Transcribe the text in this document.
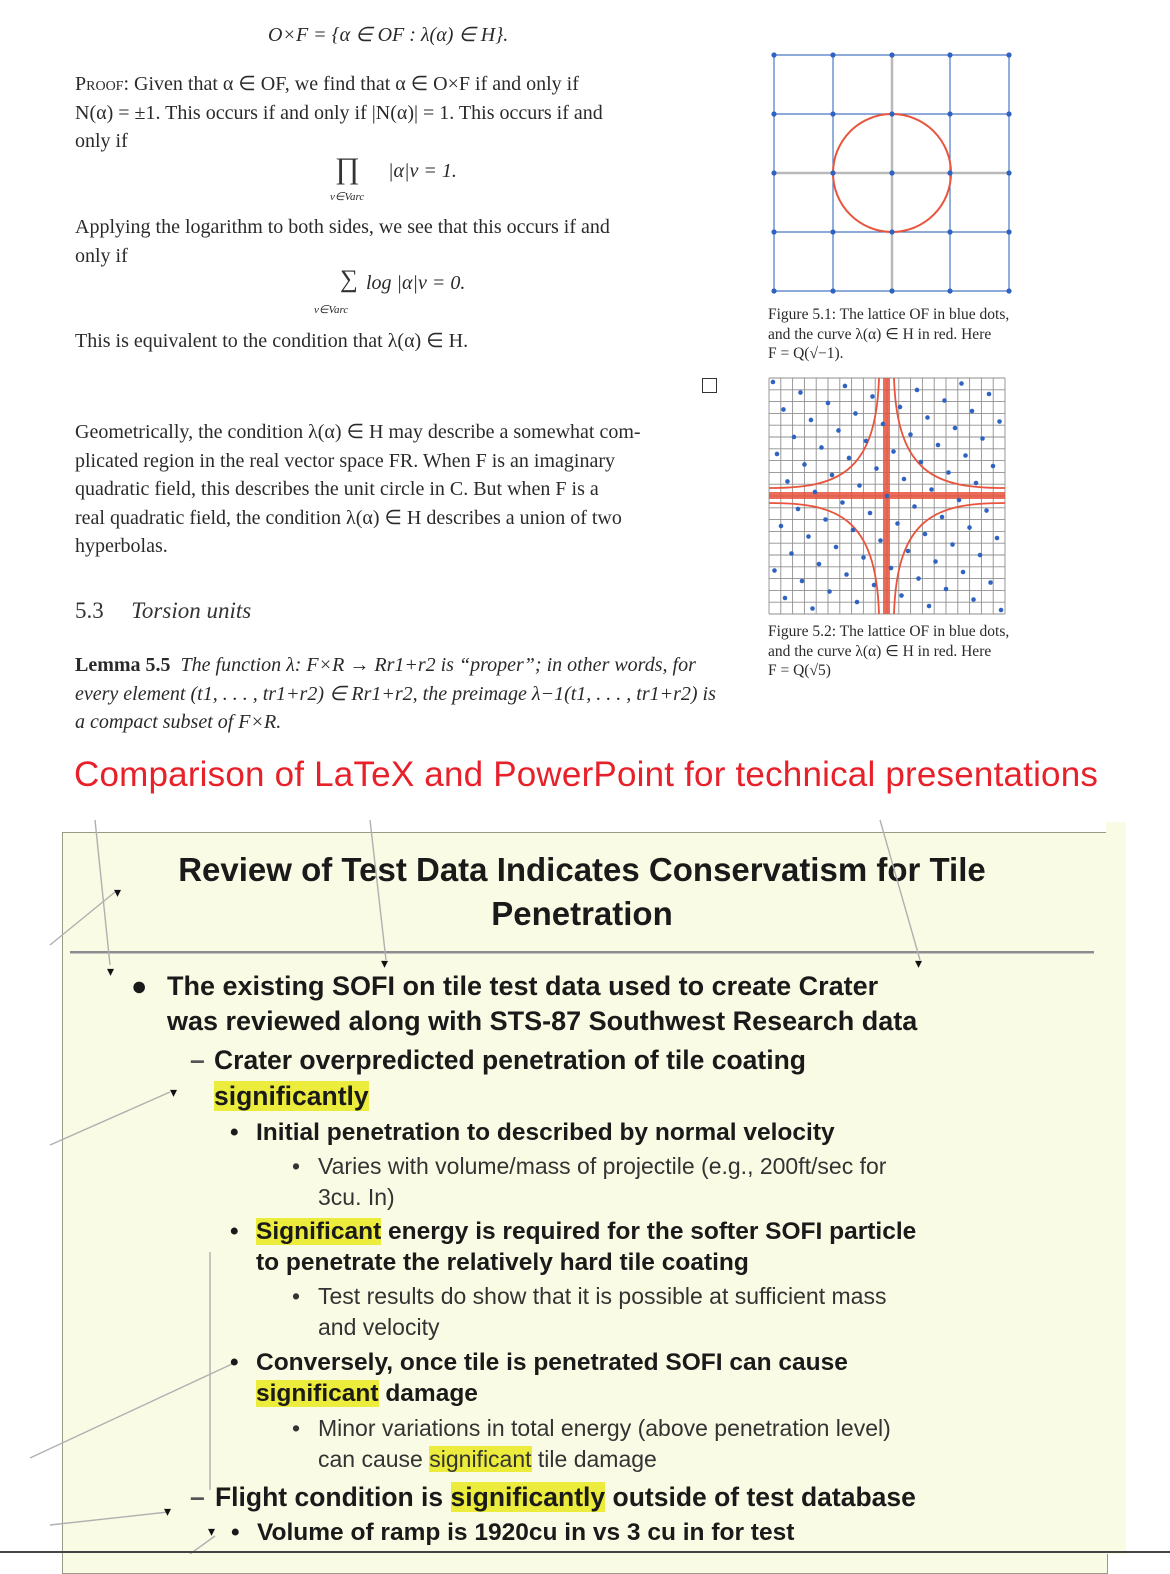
O×F = {α ∈ OF : λ(α) ∈ H}.
Proof: Given that α ∈ OF, we find that α ∈ O×F if and only if
N(α) = ±1. This occurs if and only if |N(α)| = 1. This occurs if and
only if
∏ |α|v = 1.
v∈Varc
Applying the logarithm to both sides, we see that this occurs if and
only if
∑ log |α|v = 0.
v∈Varc
This is equivalent to the condition that λ(α) ∈ H.
Geometrically, the condition λ(α) ∈ H may describe a somewhat com-
plicated region in the real vector space FR. When F is an imaginary
quadratic field, this describes the unit circle in C. But when F is a
real quadratic field, the condition λ(α) ∈ H describes a union of two
hyperbolas.
5.3 Torsion units
Lemma 5.5 The function λ: F×R → Rr1+r2 is “proper”; in other words, for
every element (t1, . . . , tr1+r2) ∈ Rr1+r2, the preimage λ−1(t1, . . . , tr1+r2) is
a compact subset of F×R.
Figure 5.1: The lattice OF in blue dots,
and the curve λ(α) ∈ H in red. Here
F = Q(√−1).
Figure 5.2: The lattice OF in blue dots,
and the curve λ(α) ∈ H in red. Here
F = Q(√5)
Comparison of LaTeX and PowerPoint for technical presentations
Review of Test Data Indicates Conservatism for Tile
Penetration
▾
▾	▾	▾
▾
▾
▾
● The existing SOFI on tile test data used to create Crater
was reviewed along with STS-87 Southwest Research data
– Crater overpredicted penetration of tile coating
significantly
• Initial penetration to described by normal velocity
• Varies with volume/mass of projectile (e.g., 200ft/sec for
3cu. In)
• Significant energy is required for the softer SOFI particle
to penetrate the relatively hard tile coating
• Test results do show that it is possible at sufficient mass
and velocity
• Conversely, once tile is penetrated SOFI can cause
significant damage
• Minor variations in total energy (above penetration level)
can cause significant tile damage
– Flight condition is significantly outside of test database
• Volume of ramp is 1920cu in vs 3 cu in for test
